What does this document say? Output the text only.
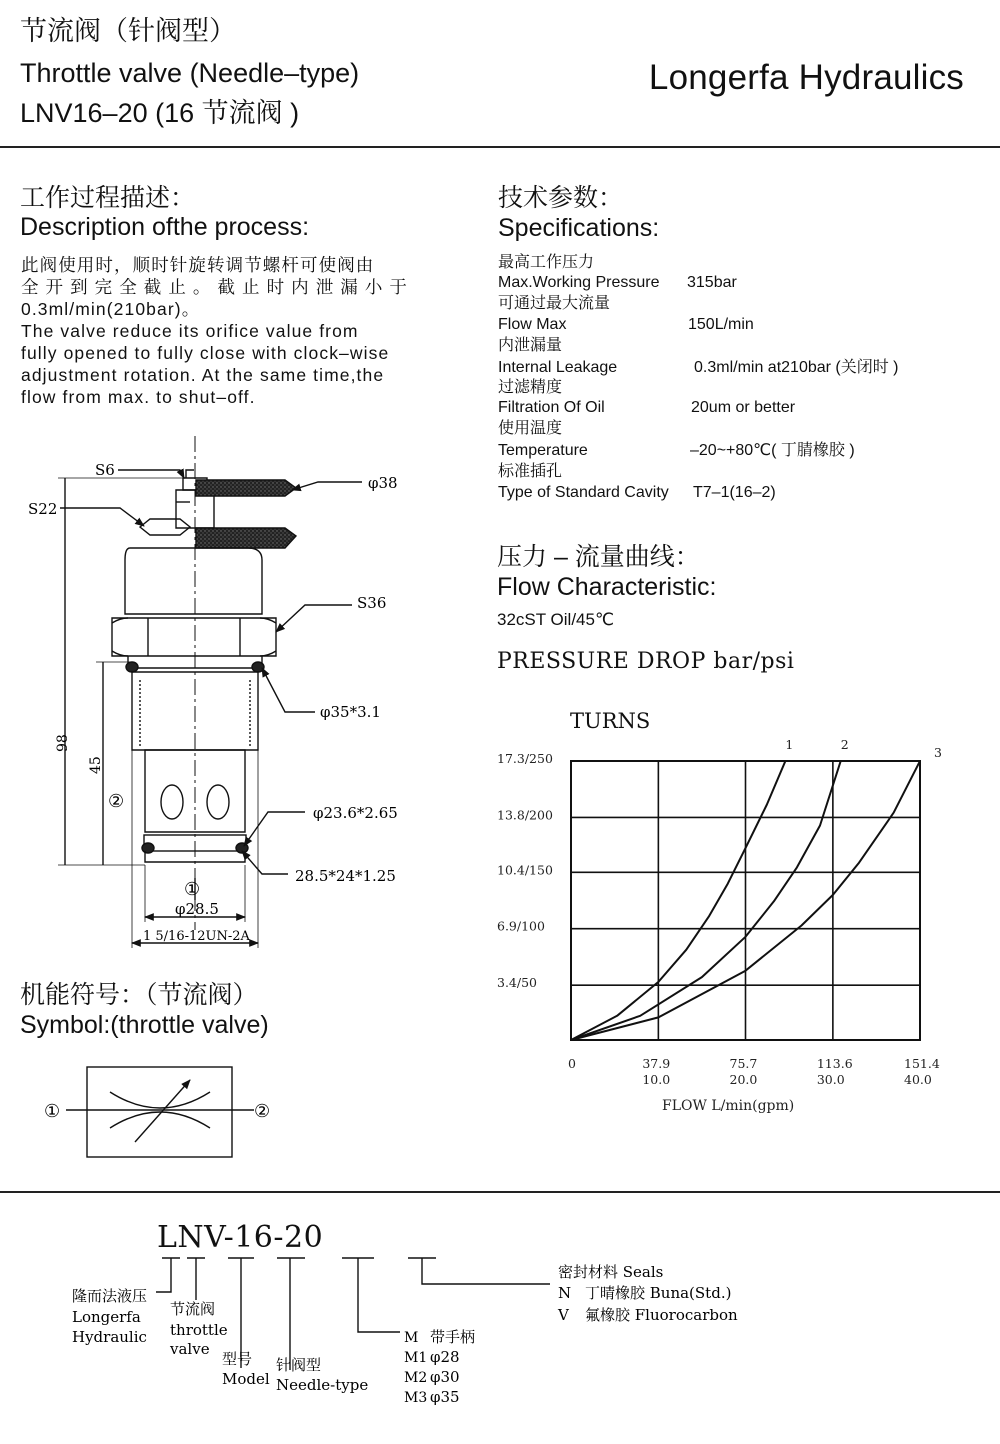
节流阀（针阀型）
Throttle valve (Needle–type)
LNV16–20 (16 节流阀 )
Longerfa Hydraulics
工作过程描述：
Description ofthe process:
此阀使用时，顺时针旋转调节螺杆可使阀由
全 开 到 完 全 截 止 。 截 止 时 内 泄 漏 小 于
0.3ml/min(210bar)。
The valve reduce its orifice value from
fully opened to fully close with clock–wise
adjustment rotation. At the same time,the
flow from max. to shut–off.
技术参数：
Specifications:
最高工作压力
Max.Working Pressure 315bar
可通过最大流量
Flow Max	150L/min
内泄漏量
Internal Leakage	0.3ml/min at210bar (关闭时 )
过滤精度
Filtration Of Oil	20um or better
使用温度
Temperature	–20~+80℃( 丁腈橡胶 )
标准插孔
Type of Standard Cavity T7–1(16–2)
压力 – 流量曲线：
Flow Characteristic:
32cST Oil/45℃
PRESSURE DROP bar/psi
TURNS
3.4/50
6.9/100
10.4/150
13.8/200
17.3/250
0	37.9
10.0
75.7
20.0
113.6
30.0
151.4
40.0
1	2
3
FLOW L/min(gpm)
S6
S22
φ38
S36
φ35*3.1
φ23.6*2.65
28.5*24*1.25
98
45
②
①
φ28.5
1 5/16-12UN-2A
机能符号：（节流阀）
Symbol:(throttle valve)
①	②
LNV-16-20
隆而法液压
Longerfa
Hydraulic
节流阀
throttle
valve
型号
Model
针阀型
Needle-type
M 带手柄
M1 φ28
M2 φ30
M3 φ35
密封材料 Seals
N 丁晴橡胶 Buna(Std.)
V 氟橡胶 Fluorocarbon
